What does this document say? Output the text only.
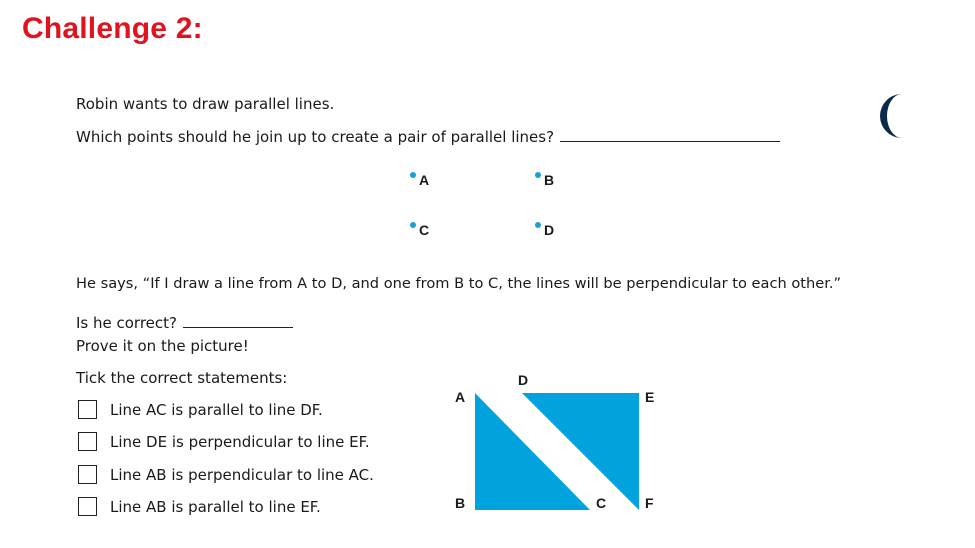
Challenge 2:
Robin wants to draw parallel lines.
Which points should he join up to create a pair of parallel lines?
A	B
C	D
He says, “If I draw a line from A to D, and one from B to C, the lines will be perpendicular to each other.”
Is he correct?
Prove it on the picture!
Tick the correct statements:
Line AC is parallel to line DF.
Line DE is perpendicular to line EF.
Line AB is perpendicular to line AC.
Line AB is parallel to line EF.
A
B	C
D
E
F
